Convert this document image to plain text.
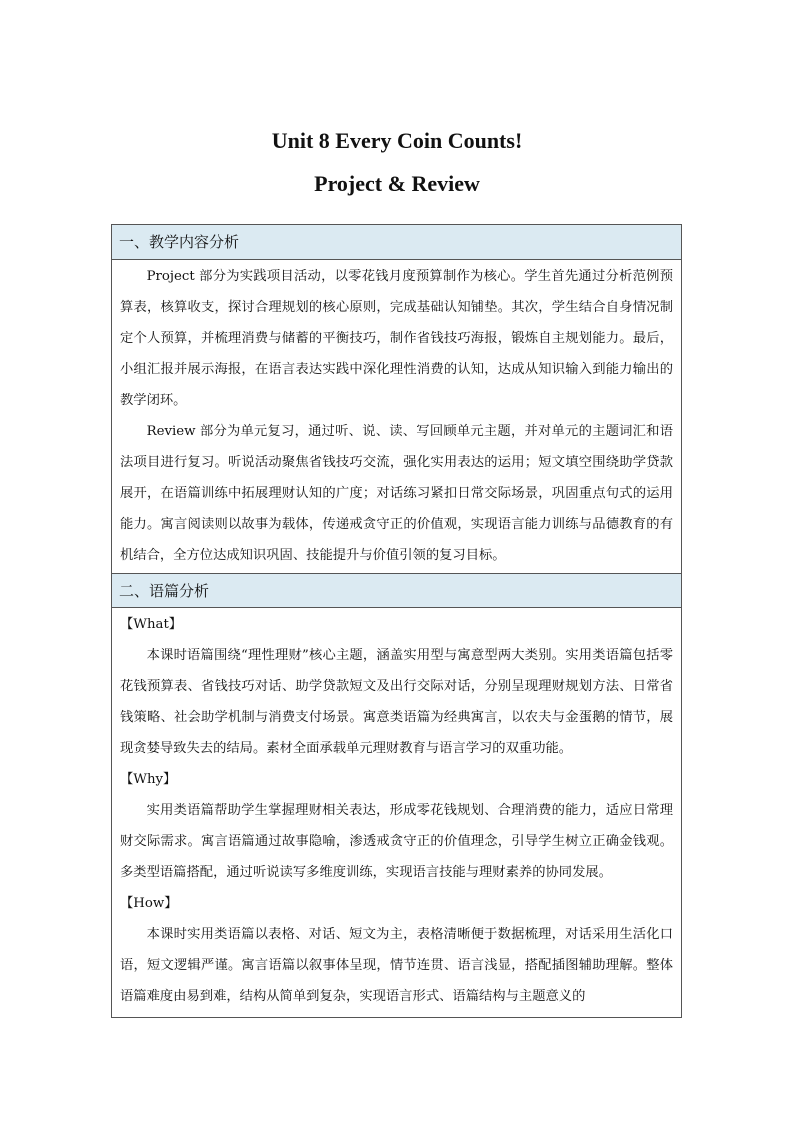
Unit 8 Every Coin Counts!
Project & Review
一、教学内容分析

Project 部分为实践项目活动，以零花钱月度预算制作为核心。学生首先通过分析范例预算表，核算收支，探讨合理规划的核心原则，完成基础认知铺垫。其次，学生结合自身情况制定个人预算，并梳理消费与储蓄的平衡技巧，制作省钱技巧海报，锻炼自主规划能力。最后，小组汇报并展示海报，在语言表达实践中深化理性消费的认知，达成从知识输入到能力输出的教学闭环。

Review 部分为单元复习，通过听、说、读、写回顾单元主题，并对单元的主题词汇和语法项目进行复习。听说活动聚焦省钱技巧交流，强化实用表达的运用；短文填空围绕助学贷款展开，在语篇训练中拓展理财认知的广度；对话练习紧扣日常交际场景，巩固重点句式的运用能力。寓言阅读则以故事为载体，传递戒贪守正的价值观，实现语言能力训练与品德教育的有机结合，全方位达成知识巩固、技能提升与价值引领的复习目标。

二、语篇分析

【What】

本课时语篇围绕“理性理财”核心主题，涵盖实用型与寓意型两大类别。实用类语篇包括零花钱预算表、省钱技巧对话、助学贷款短文及出行交际对话，分别呈现理财规划方法、日常省钱策略、社会助学机制与消费支付场景。寓意类语篇为经典寓言，以农夫与金蛋鹅的情节，展现贪婪导致失去的结局。素材全面承载单元理财教育与语言学习的双重功能。

【Why】

实用类语篇帮助学生掌握理财相关表达，形成零花钱规划、合理消费的能力，适应日常理财交际需求。寓言语篇通过故事隐喻，渗透戒贪守正的价值理念，引导学生树立正确金钱观。多类型语篇搭配，通过听说读写多维度训练，实现语言技能与理财素养的协同发展。

【How】

本课时实用类语篇以表格、对话、短文为主，表格清晰便于数据梳理，对话采用生活化口语，短文逻辑严谨。寓言语篇以叙事体呈现，情节连贯、语言浅显，搭配插图辅助理解。整体语篇难度由易到难，结构从简单到复杂，实现语言形式、语篇结构与主题意义的
